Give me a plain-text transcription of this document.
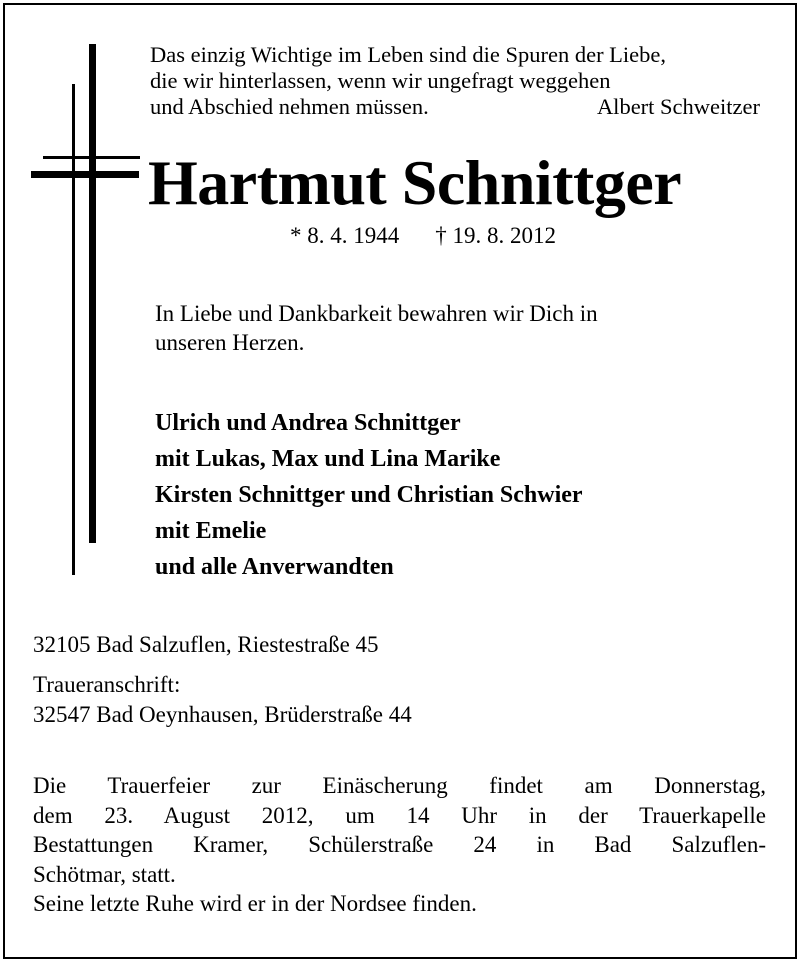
Das einzig Wichtige im Leben sind die Spuren der Liebe,
die wir hinterlassen, wenn wir ungefragt weggehen
und Abschied nehmen müssen.	Albert Schweitzer
Hartmut Schnittger
* 8. 4. 1944 † 19. 8. 2012
In Liebe und Dankbarkeit bewahren wir Dich in
unseren Herzen.
Ulrich und Andrea Schnittger
mit Lukas, Max und Lina Marike
Kirsten Schnittger und Christian Schwier
mit Emelie
und alle Anverwandten
32105 Bad Salzuflen, Riestestraße 45
Traueranschrift:
32547 Bad Oeynhausen, Brüderstraße 44
Die Trauerfeier zur Einäscherung findet am Donnerstag,
dem 23. August 2012, um 14 Uhr in der Trauerkapelle
Bestattungen Kramer, Schülerstraße 24 in Bad Salzuflen-
Schötmar, statt.
Seine letzte Ruhe wird er in der Nordsee finden.
